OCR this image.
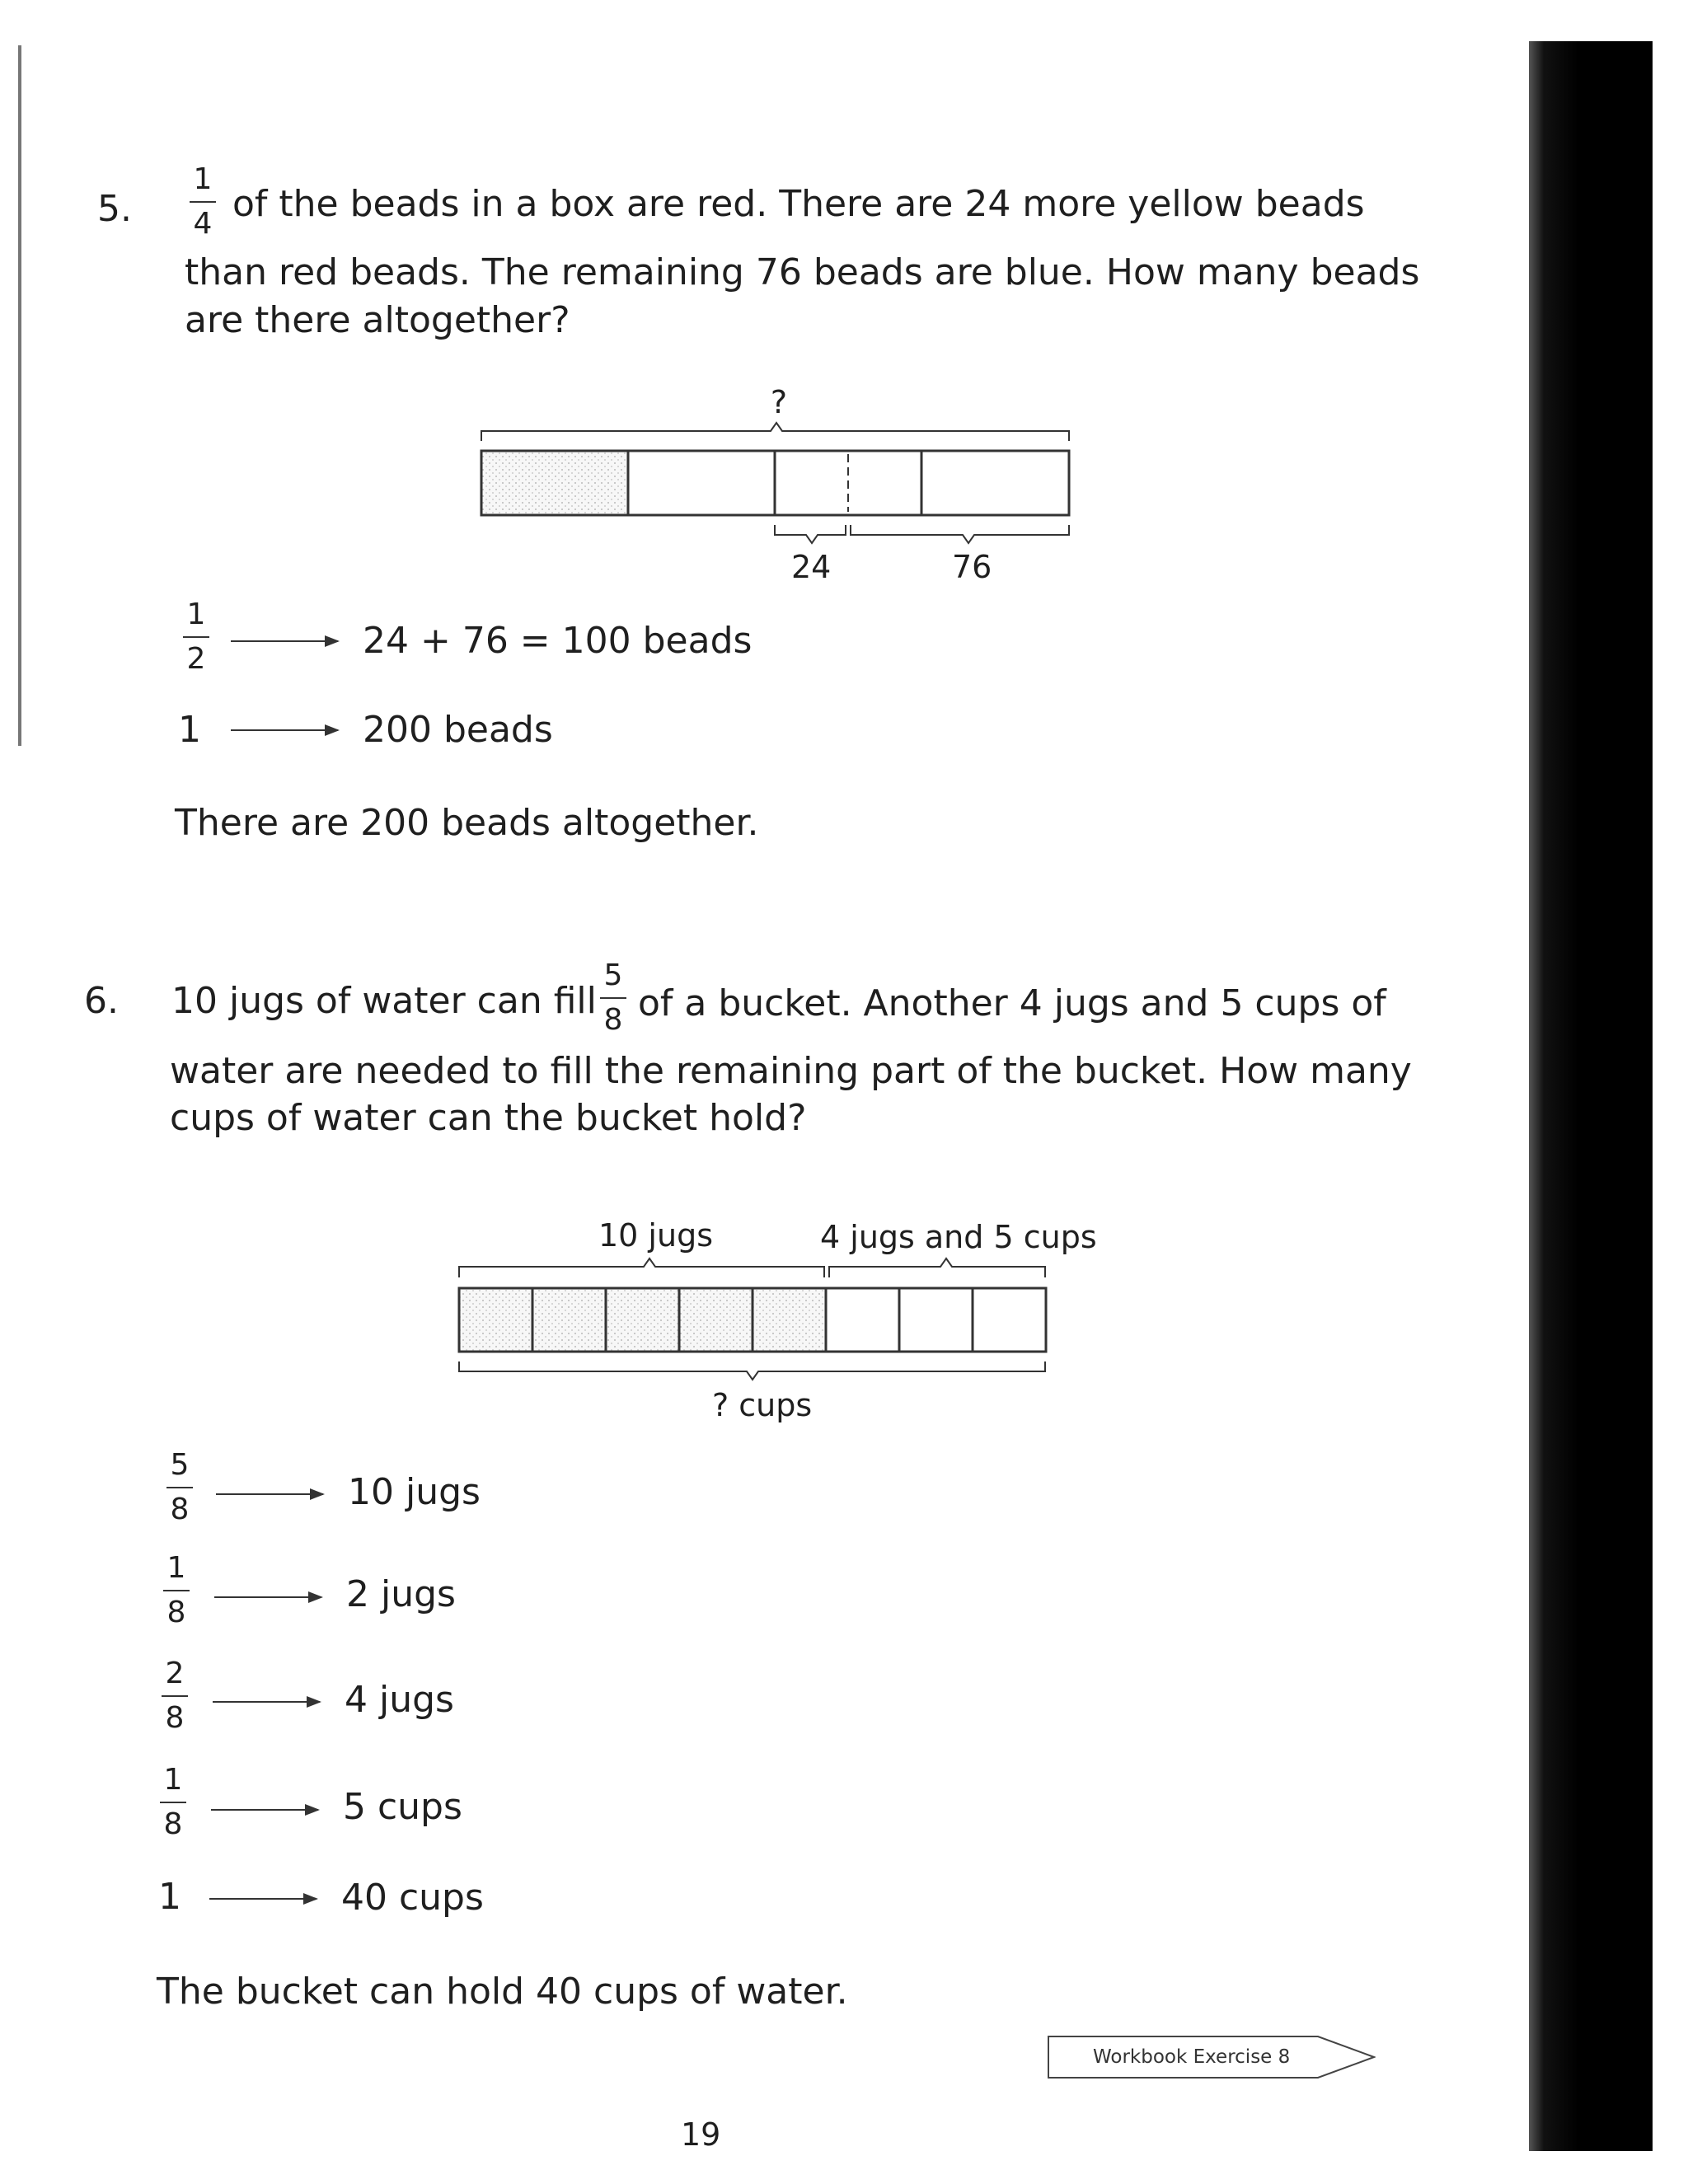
5.
1
4 of the beads in a box are red. There are 24 more yellow beads
than red beads. The remaining 76 beads are blue. How many beads
are there altogether?
?
24	76
1
2	24 + 76 = 100 beads
1	200 beads
There are 200 beads altogether.
6. 10 jugs of water can fill
5
8 of a bucket. Another 4 jugs and 5 cups of
water are needed to fill the remaining part of the bucket. How many
cups of water can the bucket hold?
10 jugs	4 jugs and 5 cups
? cups
5
8	10 jugs
1
8	2 jugs
2
8	4 jugs
1
8	5 cups
1	40 cups
The bucket can hold 40 cups of water.
Workbook Exercise 8
19
